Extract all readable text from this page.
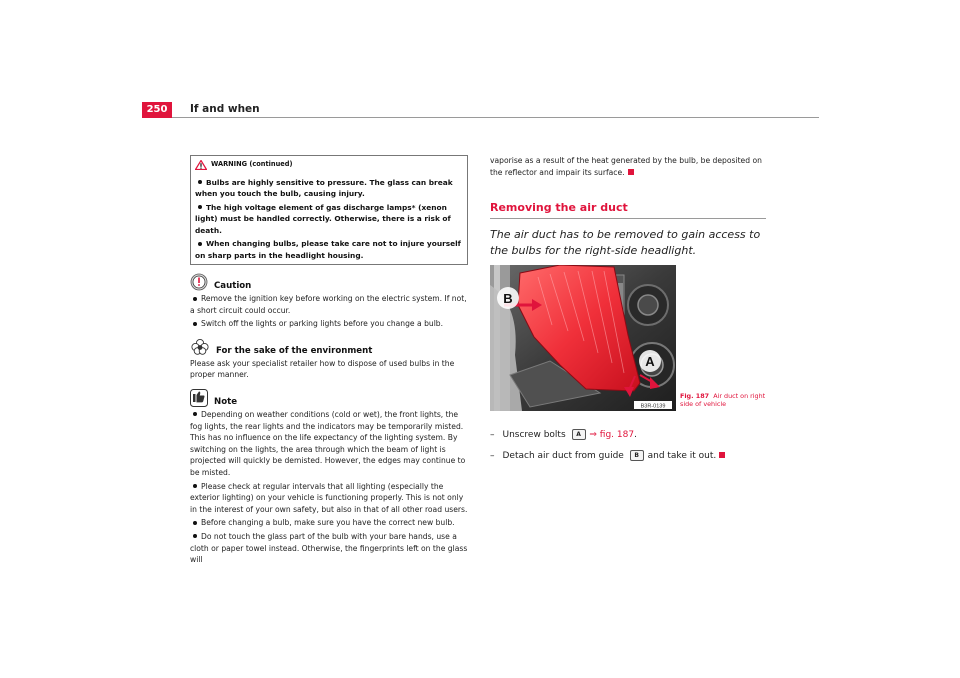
250	If and when
WARNING (continued)
Bulbs are highly sensitive to pressure. The glass can break when you touch the bulb, causing injury.
The high voltage element of gas discharge lamps* (xenon light) must be handled correctly. Otherwise, there is a risk of death.
When changing bulbs, please take care not to injure yourself on sharp parts in the headlight housing.
Caution
Remove the ignition key before working on the electric system. If not, a short circuit could occur.
Switch off the lights or parking lights before you change a bulb.
For the sake of the environment
Please ask your specialist retailer how to dispose of used bulbs in the proper manner.
Note
Depending on weather conditions (cold or wet), the front lights, the fog lights, the rear lights and the indicators may be temporarily misted. This has no influence on the life expectancy of the lighting system. By switching on the lights, the area through which the beam of light is projected will quickly be demisted. However, the edges may continue to be misted.
Please check at regular intervals that all lighting (especially the exterior lighting) on your vehicle is functioning properly. This is not only in the interest of your own safety, but also in that of all other road users.
Before changing a bulb, make sure you have the correct new bulb.
Do not touch the glass part of the bulb with your bare hands, use a cloth or paper towel instead. Otherwise, the fingerprints left on the glass will
vaporise as a result of the heat generated by the bulb, be deposited on the reflector and impair its surface.
Removing the air duct
The air duct has to be removed to gain access to the bulbs for the right-side headlight.
B
A
B3R-0139
Fig. 187 Air duct on right side of vehicle
– Unscrew bolts A ⇒ fig. 187.
– Detach air duct from guide B and take it out.
